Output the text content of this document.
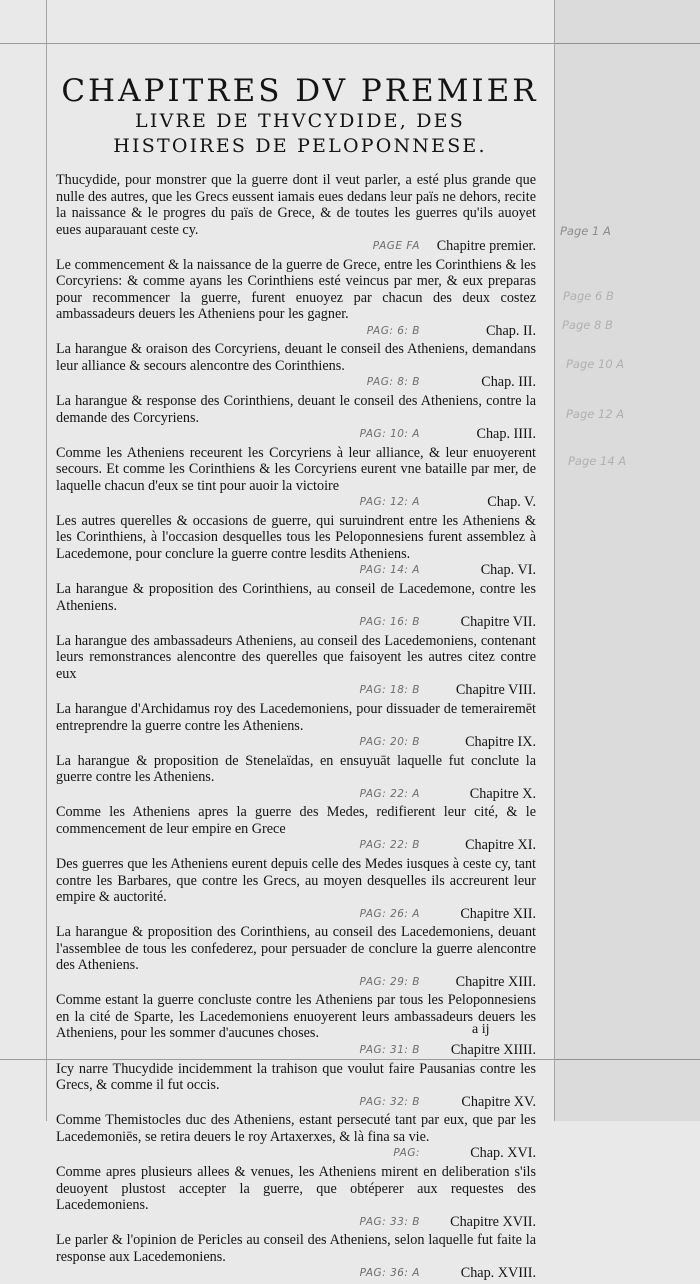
CHAPITRES DV PREMIER
LIVRE DE THVCYDIDE, DES
HISTOIRES DE PELOPONNESE.
Thucydide, pour monstrer que la guerre dont il veut parler, a esté plus grande que nulle des autres, que les Grecs eussent iamais eues dedans leur païs ne dehors, recite la naissance & le progres du païs de Grece, & de toutes les guerres qu'ils auoyet eues auparauant ceste cy.
PAGE FA Chapitre premier.
Le commencement & la naissance de la guerre de Grece, entre les Corinthiens & les Corcyriens: & comme ayans les Corinthiens esté veincus par mer, & eux preparas pour recommencer la guerre, furent enuoyez par chacun des deux costez ambassadeurs deuers les Atheniens pour les gagner.
PAG: 6: B	Chap. II.
La harangue & oraison des Corcyriens, deuant le conseil des Atheniens, demandans leur alliance & secours alencontre des Corinthiens.
PAG: 8: B	Chap. III.
La harangue & response des Corinthiens, deuant le conseil des Atheniens, contre la demande des Corcyriens.
PAG: 10: A	Chap. IIII.
Comme les Atheniens receurent les Corcyriens à leur alliance, & leur enuoyerent secours. Et comme les Corinthiens & les Corcyriens eurent vne bataille par mer, de laquelle chacun d'eux se tint pour auoir la victoire
PAG: 12: A	Chap. V.
Les autres querelles & occasions de guerre, qui suruindrent entre les Atheniens & les Corinthiens, à l'occasion desquelles tous les Peloponnesiens furent assemblez à Lacedemone, pour conclure la guerre contre lesdits Atheniens.
PAG: 14: A	Chap. VI.
La harangue & proposition des Corinthiens, au conseil de Lacedemone, contre les Atheniens.
PAG: 16: B	Chapitre VII.
La harangue des ambassadeurs Atheniens, au conseil des Lacedemoniens, contenant leurs remonstrances alencontre des querelles que faisoyent les autres citez contre eux
PAG: 18: B	Chapitre VIII.
La harangue d'Archidamus roy des Lacedemoniens, pour dissuader de temerairemēt entreprendre la guerre contre les Atheniens.
PAG: 20: B	Chapitre IX.
La harangue & proposition de Stenelaïdas, en ensuyuāt laquelle fut conclute la guerre contre les Atheniens.
PAG: 22: A	Chapitre X.
Comme les Atheniens apres la guerre des Medes, redifierent leur cité, & le commencement de leur empire en Grece
PAG: 22: B	Chapitre XI.
Des guerres que les Atheniens eurent depuis celle des Medes iusques à ceste cy, tant contre les Barbares, que contre les Grecs, au moyen desquelles ils accreurent leur empire & auctorité.
PAG: 26: A	Chapitre XII.
La harangue & proposition des Corinthiens, au conseil des Lacedemoniens, deuant l'assemblee de tous les confederez, pour persuader de conclure la guerre alencontre des Atheniens.
PAG: 29: B	Chapitre XIII.
Comme estant la guerre concluste contre les Atheniens par tous les Peloponnesiens en la cité de Sparte, les Lacedemoniens enuoyerent leurs ambassadeurs deuers les Atheniens, pour les sommer d'aucunes choses.
PAG: 31: B Chapitre XIIII.
Icy narre Thucydide incidemment la trahison que voulut faire Pausanias contre les Grecs, & comme il fut occis.
PAG: 32: B	Chapitre XV.
Comme Themistocles duc des Atheniens, estant persecuté tant par eux, que par les Lacedemoniēs, se retira deuers le roy Artaxerxes, & là fina sa vie.
PAG:	Chap. XVI.
Comme apres plusieurs allees & venues, les Atheniens mirent en deliberation s'ils deuoyent plustost accepter la guerre, que obtéperer aux requestes des Lacedemoniens.
PAG: 33: B Chapitre XVII.
Le parler & l'opinion de Pericles au conseil des Atheniens, selon laquelle fut faite la response aux Lacedemoniens.
PAG: 36: A	Chap. XVIII.
Page 1 A
Page 6 B
Page 8 B
Page 10 A
Page 12 A
Page 14 A
a ij
